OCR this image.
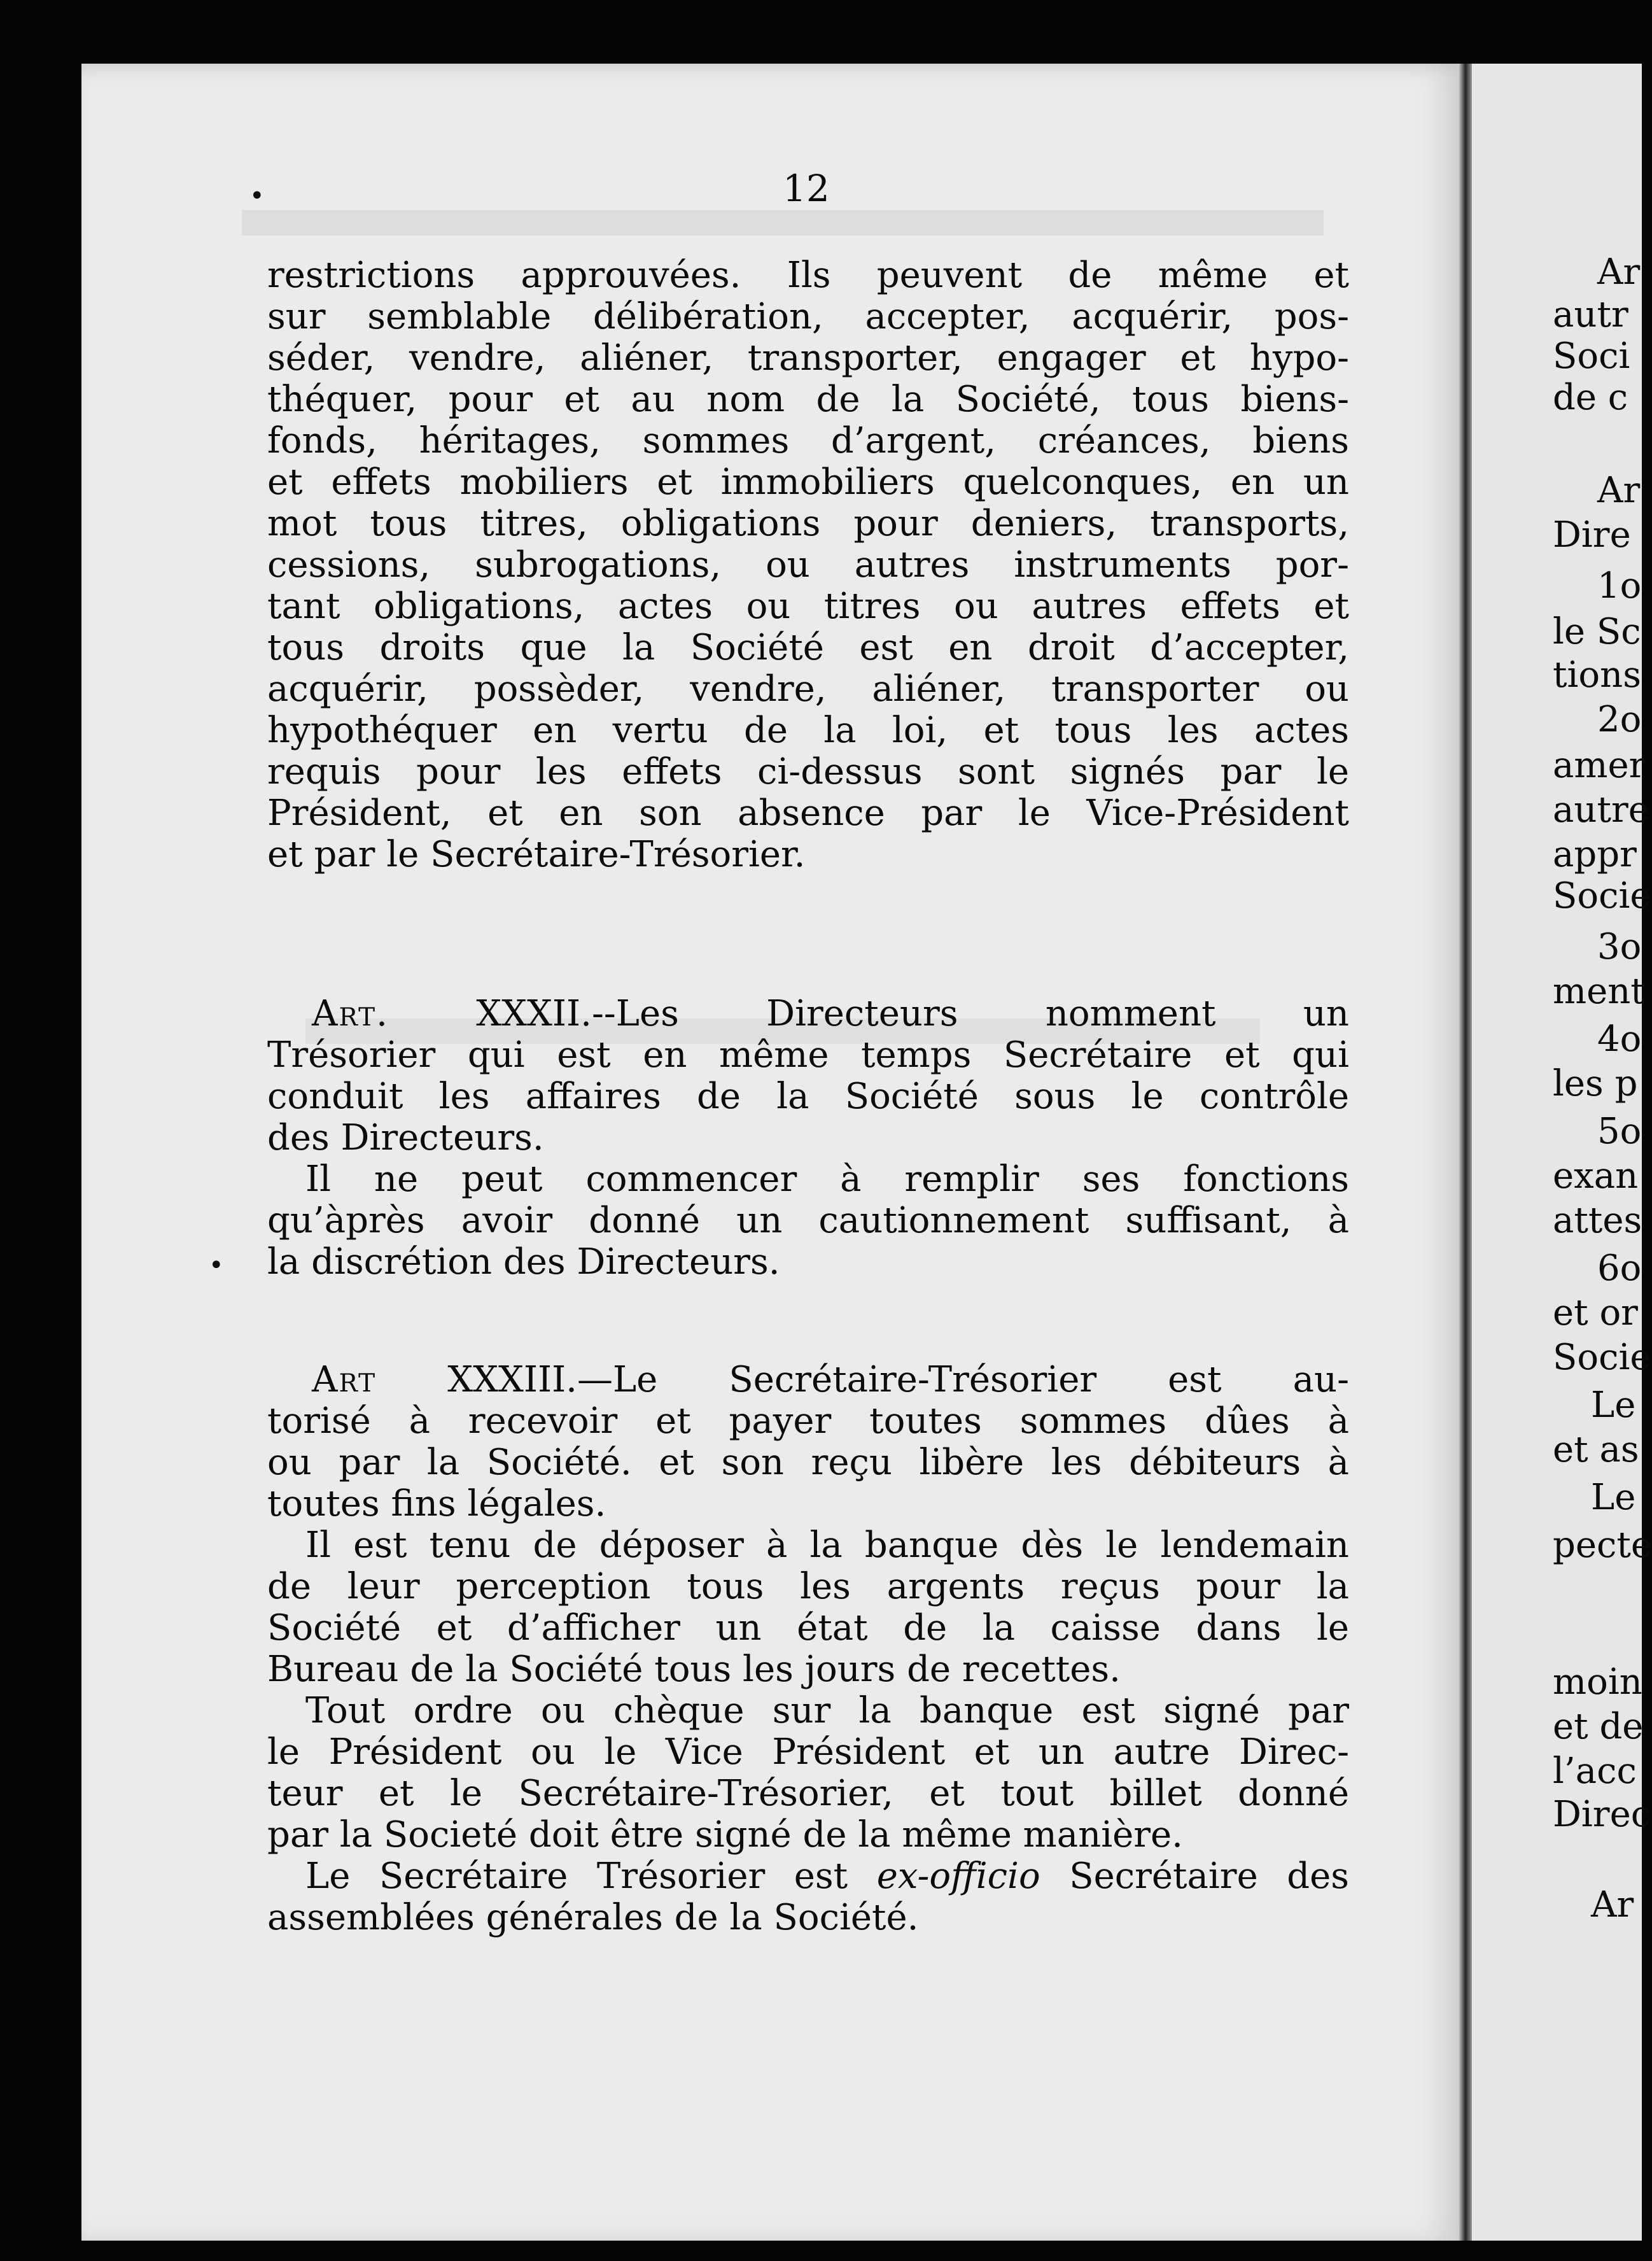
12
•
•
restrictions approuvées. Ils peuvent de même et
sur semblable délibération, accepter, acquérir, pos-
séder, vendre, aliéner, transporter, engager et hypo-
théquer, pour et au nom de la Société, tous biens-
fonds, héritages, sommes d’argent, créances, biens
et effets mobiliers et immobiliers quelconques, en un
mot tous titres, obligations pour deniers, transports,
cessions, subrogations, ou autres instruments por-
tant obligations, actes ou titres ou autres effets et
tous droits que la Société est en droit d’accepter,
acquérir, possèder, vendre, aliéner, transporter ou
hypothéquer en vertu de la loi, et tous les actes
requis pour les effets ci-dessus sont signés par le
Président, et en son absence par le Vice-Président
et par le Secrétaire-Trésorier.
Art. XXXII.--Les Directeurs nomment un
Trésorier qui est en même temps Secrétaire et qui
conduit les affaires de la Société sous le contrôle
des Directeurs.
Il ne peut commencer à remplir ses fonctions
qu’àprès avoir donné un cautionnement suffisant, à
la discrétion des Directeurs.
Art XXXIII.—Le Secrétaire-Trésorier est au-
torisé à recevoir et payer toutes sommes dûes à
ou par la Société. et son reçu libère les débiteurs à
toutes fins légales.
Il est tenu de déposer à la banque dès le lendemain
de leur perception tous les argents reçus pour la
Société et d’afficher un état de la caisse dans le
Bureau de la Société tous les jours de recettes.
Tout ordre ou chèque sur la banque est signé par
le Président ou le Vice Président et un autre Direc-
teur et le Secrétaire-Trésorier, et tout billet donné
par la Societé doit être signé de la même manière.
Le Secrétaire Trésorier est ex-officio Secrétaire des
assemblées générales de la Société.
Ar
autr
Soci
de c
Ar
Dire
1o
le Sc
tions
2o
amer
autre
appr
Socie
3o
ment
4o
les p
5o
exan
attes
6o
et or
Socie
Le
et as
Le
pecte
moin
et de
l’acc
Direc
Ar
